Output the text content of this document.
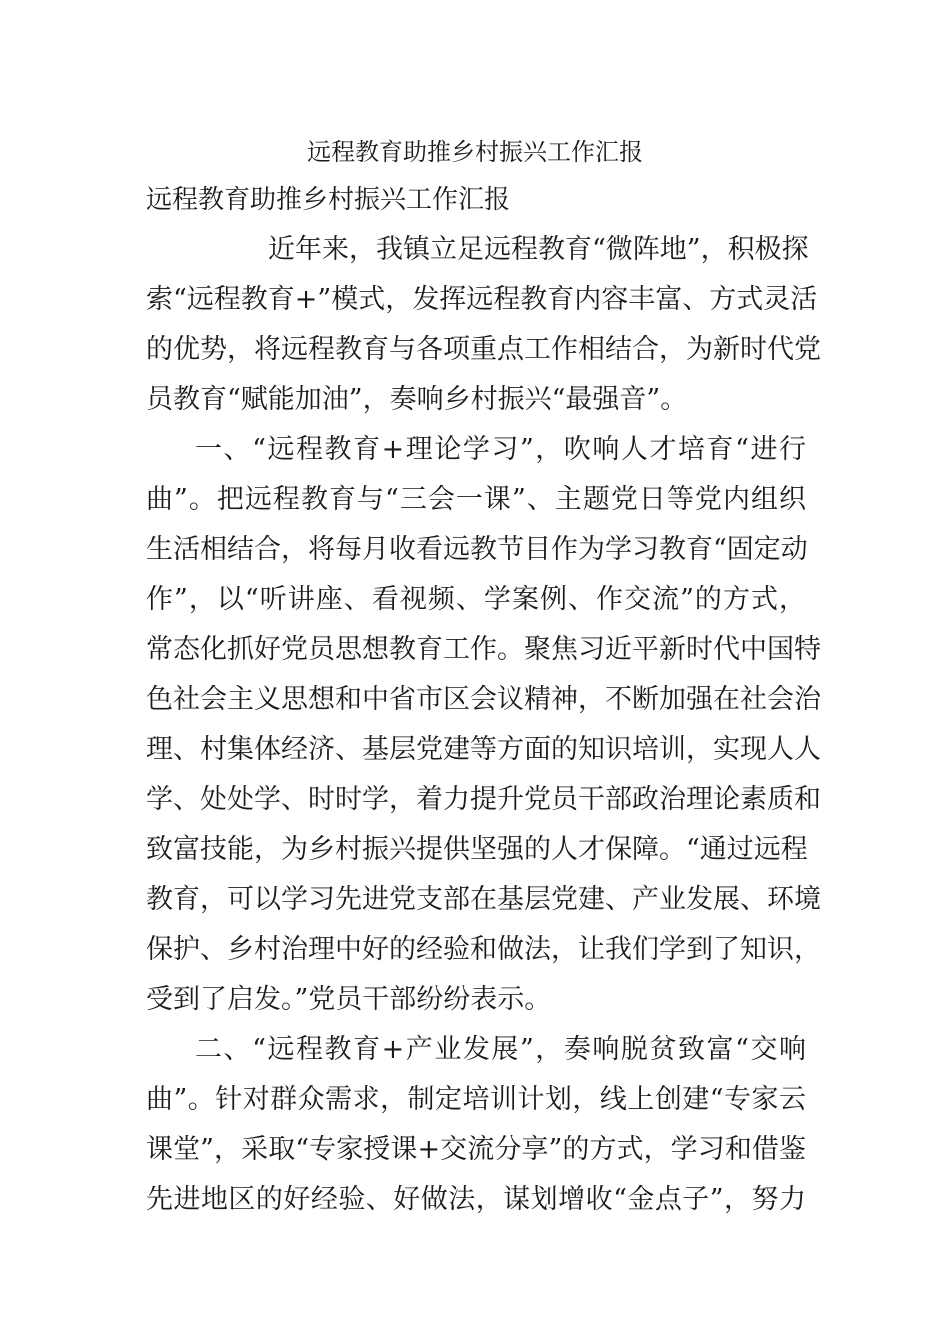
远程教育助推乡村振兴工作汇报
远程教育助推乡村振兴工作汇报
近年来，我镇立足远程教育“微阵地”，积极探
索“远程教育+”模式，发挥远程教育内容丰富、方式灵活
的优势，将远程教育与各项重点工作相结合，为新时代党
员教育“赋能加油”，奏响乡村振兴“最强音”。
一、“远程教育+理论学习”，吹响人才培育“进行
曲”。把远程教育与“三会一课”、主题党日等党内组织
生活相结合，将每月收看远教节目作为学习教育“固定动
作”，以“听讲座、看视频、学案例、作交流”的方式，
常态化抓好党员思想教育工作。聚焦习近平新时代中国特
色社会主义思想和中省市区会议精神，不断加强在社会治
理、村集体经济、基层党建等方面的知识培训，实现人人
学、处处学、时时学，着力提升党员干部政治理论素质和
致富技能，为乡村振兴提供坚强的人才保障。“通过远程
教育，可以学习先进党支部在基层党建、产业发展、环境
保护、乡村治理中好的经验和做法，让我们学到了知识，
受到了启发。”党员干部纷纷表示。
二、“远程教育+产业发展”，奏响脱贫致富“交响
曲”。针对群众需求，制定培训计划，线上创建“专家云
课堂”，采取“专家授课+交流分享”的方式，学习和借鉴
先进地区的好经验、好做法，谋划增收“金点子”，努力
